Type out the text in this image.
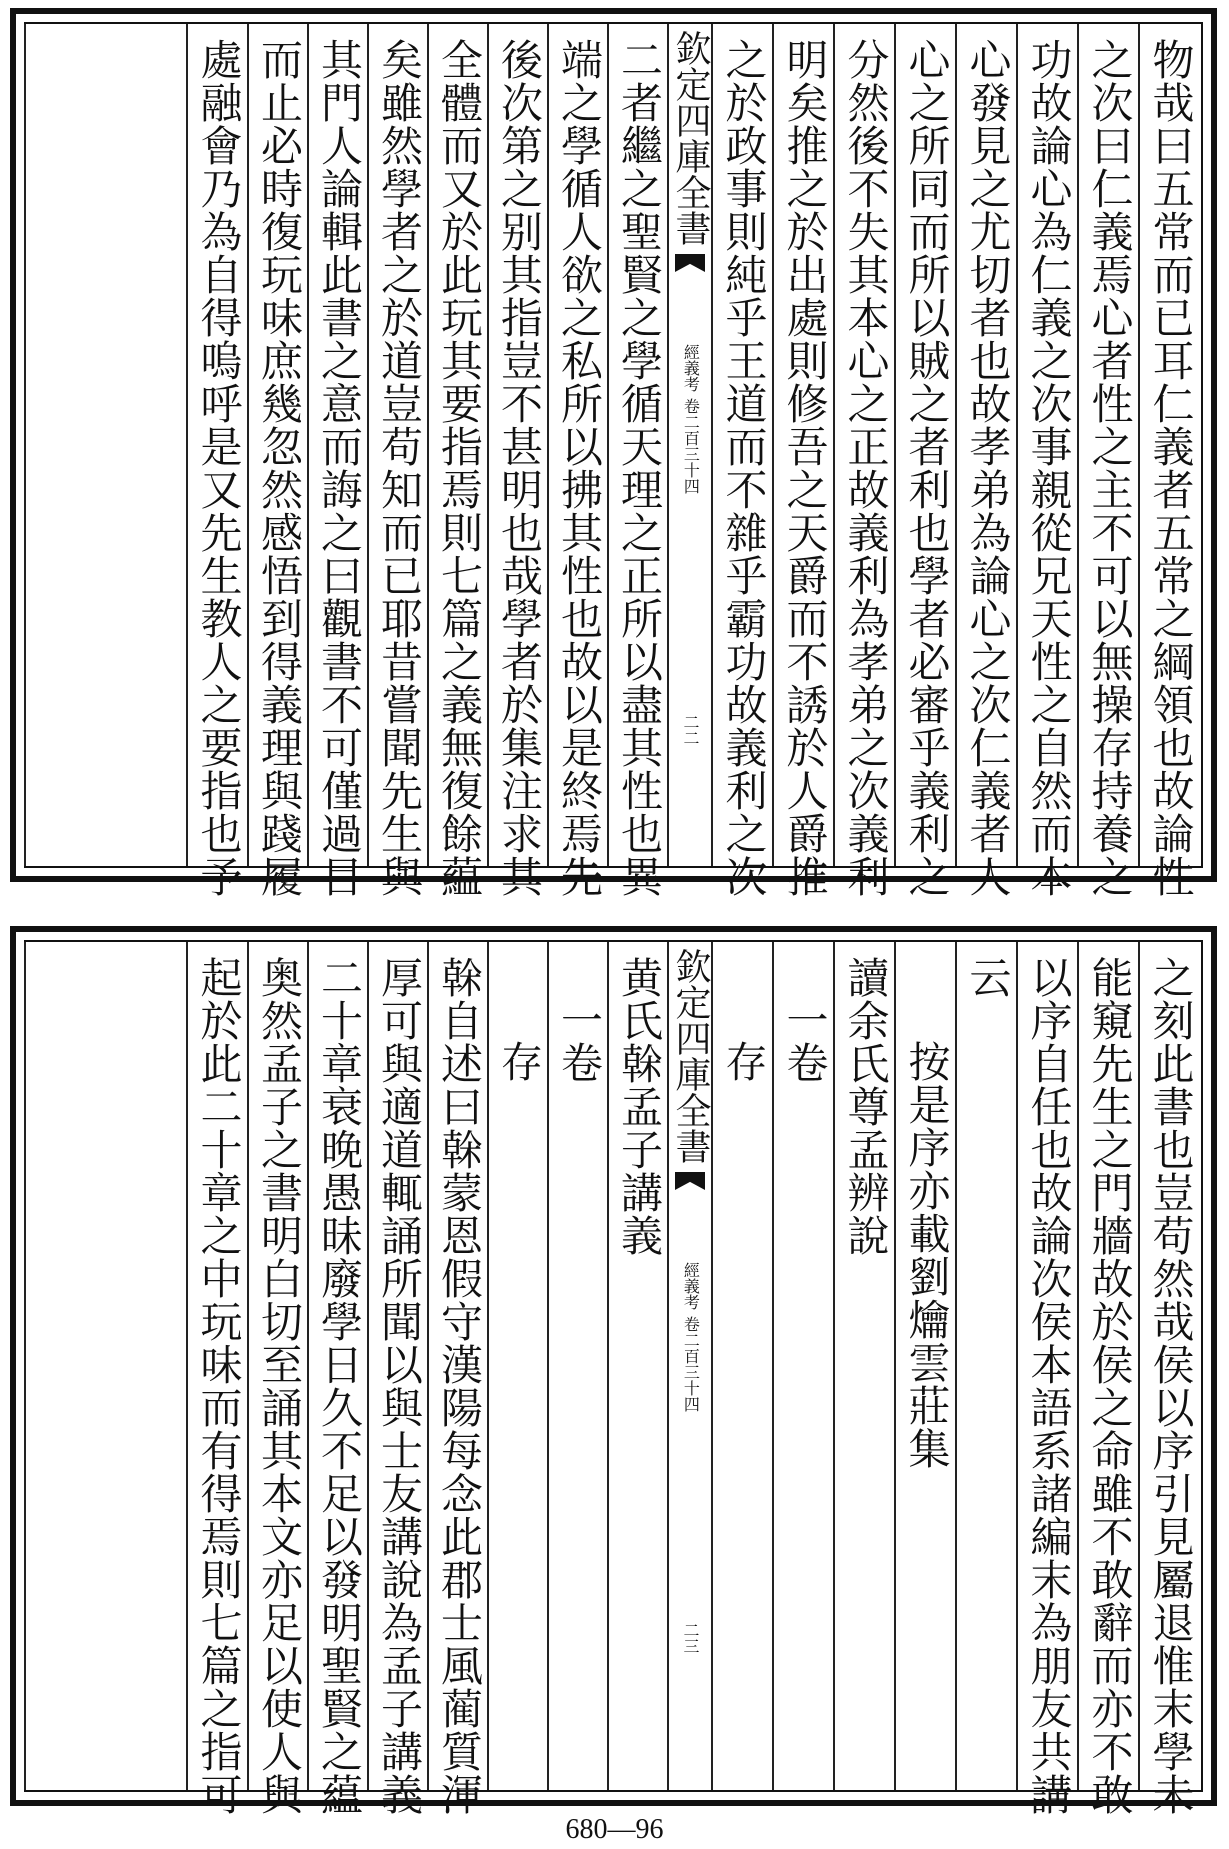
物哉曰五常而已耳仁義者五常之綱領也故論性
之次曰仁義焉心者性之主不可以無操存持養之
功故論心為仁義之次事親從兄天性之自然而本
心發見之尤切者也故孝弟為論心之次仁義者人
心之所同而所以賊之者利也學者必審乎義利之
分然後不失其本心之正故義利為孝弟之次義利
明矣推之於出處則修吾之天爵而不誘於人爵推
之於政事則純乎王道而不雜乎霸功故義利之次
欽定四庫全書
經義考
卷二百三十四
二二
二者繼之聖賢之學循天理之正所以盡其性也異
端之學循人欲之私所以拂其性也故以是終焉先
後次第之别其指豈不甚明也哉學者於集注求其
全體而又於此玩其要指焉則七篇之義無復餘藴
矣雖然學者之於道豈苟知而已耶昔嘗聞先生與
其門人論輯此書之意而誨之曰觀書不可僅過目
而止必時復玩味庶幾忽然感悟到得義理與踐履
處融會乃為自得嗚呼是又先生教人之要指也予
之刻此書也豈苟然哉侯以序引見屬退惟末學未
能窺先生之門牆故於侯之命雖不敢辭而亦不敢
以序自任也故論次侯本語系諸編末為朋友共講
云
按是序亦載劉爚雲莊集
讀余氏尊孟辨說
一卷
存
欽定四庫全書
經義考
卷二百三十四
二三
黄氏榦孟子講義
一卷
存
榦自述曰榦蒙恩假守漢陽每念此郡士風蔺質渾
厚可與適道輒誦所聞以與士友講說為孟子講義
二十章衰晚愚昧廢學日久不足以發明聖賢之藴
奥然孟子之書明白切至誦其本文亦足以使人與
起於此二十章之中玩味而有得焉則七篇之指可
680—96
